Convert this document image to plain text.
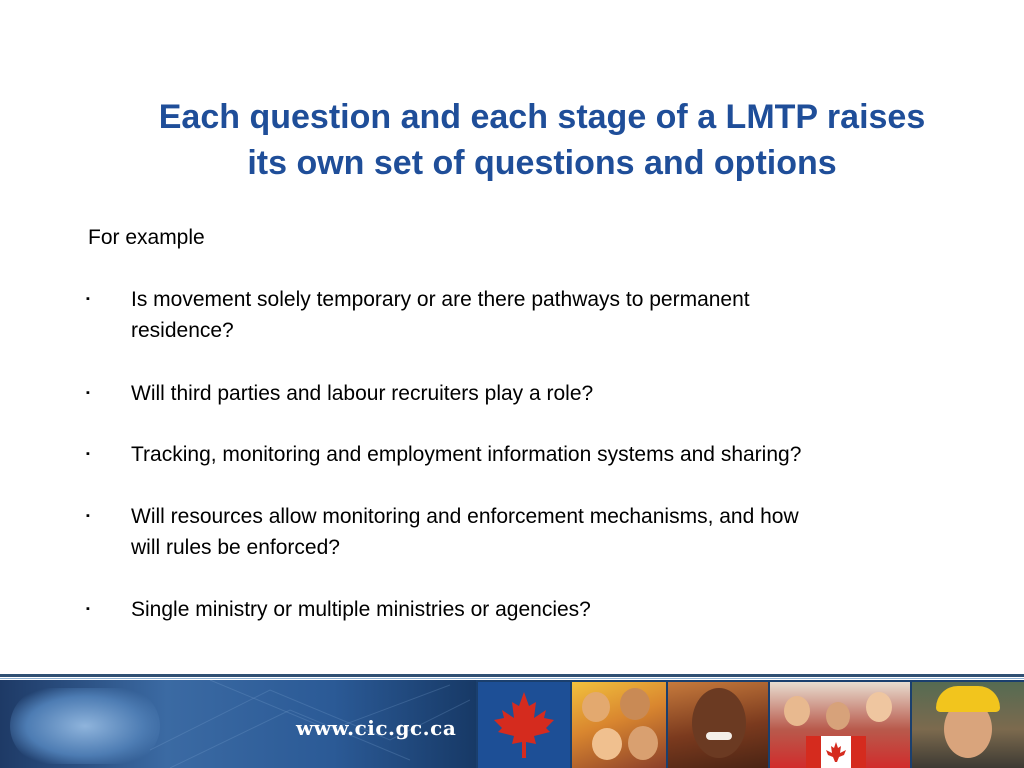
Each question and each stage of a LMTP raises
its own set of questions and options
For example
▪ Is movement solely temporary or are there pathways to permanent
residence?
▪ Will third parties and labour recruiters play a role?
▪ Tracking, monitoring and employment information systems and sharing?
▪ Will resources allow monitoring and enforcement mechanisms, and how
will rules be enforced?
▪ Single ministry or multiple ministries or agencies?
www.cic.gc.ca
